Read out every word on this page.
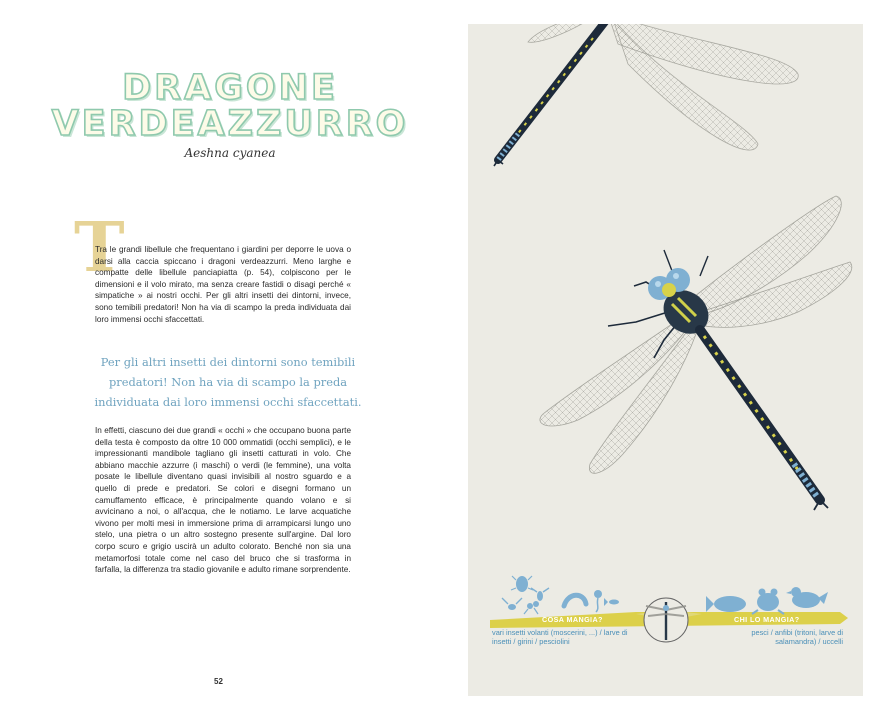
DRAGONE
VERDEAZZURRO
Aeshna cyanea
T
Tra le grandi libellule che frequentano i giardini per deporre le uova o darsi alla caccia spiccano i dragoni verdeazzurri. Meno larghe e compatte delle libellule panciapiatta (p. 54), colpiscono per le dimensioni e il volo mirato, ma senza creare fastidi o disagi perché « simpatiche » ai nostri occhi. Per gli altri insetti dei dintorni, invece, sono temibili predatori! Non ha via di scampo la preda individuata dai loro immensi occhi sfaccettati.
Per gli altri insetti dei dintorni sono temibili predatori! Non ha via di scampo la preda individuata dai loro immensi occhi sfaccettati.
In effetti, ciascuno dei due grandi « occhi » che occupano buona parte della testa è composto da oltre 10 000 ommatidi (occhi semplici), e le impressionanti mandibole tagliano gli insetti catturati in volo. Che abbiano macchie azzurre (i maschi) o verdi (le femmine), una volta posate le libellule diventano quasi invisibili al nostro sguardo e a quello di prede e predatori. Se colori e disegni formano un camuffamento efficace, è principalmente quando volano e si avvicinano a noi, o all'acqua, che le notiamo. Le larve acquatiche vivono per molti mesi in immersione prima di arrampicarsi lungo uno stelo, una pietra o un altro sostegno presente sull'argine. Dal loro corpo scuro e grigio uscirà un adulto colorato. Benché non sia una metamorfosi totale come nel caso del bruco che si trasforma in farfalla, la differenza tra stadio giovanile e adulto rimane sorprendente.
52
COSA MANGIA?	CHI LO MANGIA?
vari insetti volanti (moscerini, ...) / larve di insetti / girini / pesciolini
pesci / anfibi (tritoni, larve di salamandra) / uccelli
